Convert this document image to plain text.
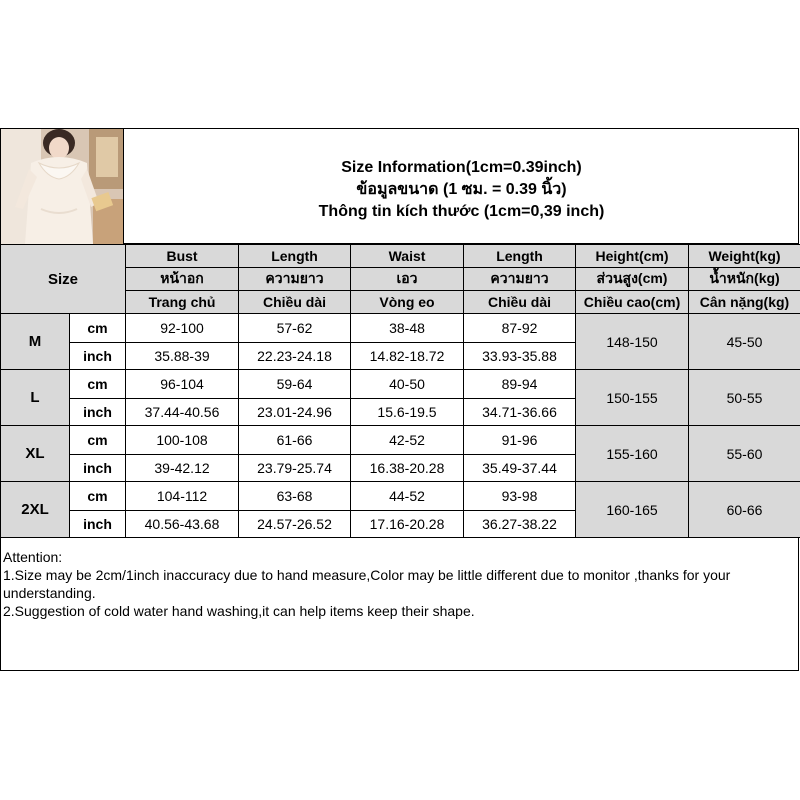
Size Information(1cm=0.39inch)
ข้อมูลขนาด (1 ซม. = 0.39 นิ้ว)
Thông tin kích thước (1cm=0,39 inch)
Size		Bust	Length	Waist	Length	Height(cm)	Weight(kg)
		หน้าอก	ความยาว	เอว	ความยาว	ส่วนสูง(cm)	น้ำหนัก(kg)
		Trang chủ	Chiều dài	Vòng eo	Chiều dài	Chiều cao(cm)	Cân nặng(kg)
M	cm	92-100	57-62	38-48	87-92	148-150	45-50
	inch	35.88-39	22.23-24.18	14.82-18.72	33.93-35.88		
L	cm	96-104	59-64	40-50	89-94	150-155	50-55
	inch	37.44-40.56	23.01-24.96	15.6-19.5	34.71-36.66		
XL	cm	100-108	61-66	42-52	91-96	155-160	55-60
	inch	39-42.12	23.79-25.74	16.38-20.28	35.49-37.44		
2XL	cm	104-112	63-68	44-52	93-98	160-165	60-66
	inch	40.56-43.68	24.57-26.52	17.16-20.28	36.27-38.22		
Attention:
1.Size may be 2cm/1inch inaccuracy due to hand measure,Color may be little different due to monitor ,thanks for your understanding.
2.Suggestion of cold water hand washing,it can help items keep their shape.
